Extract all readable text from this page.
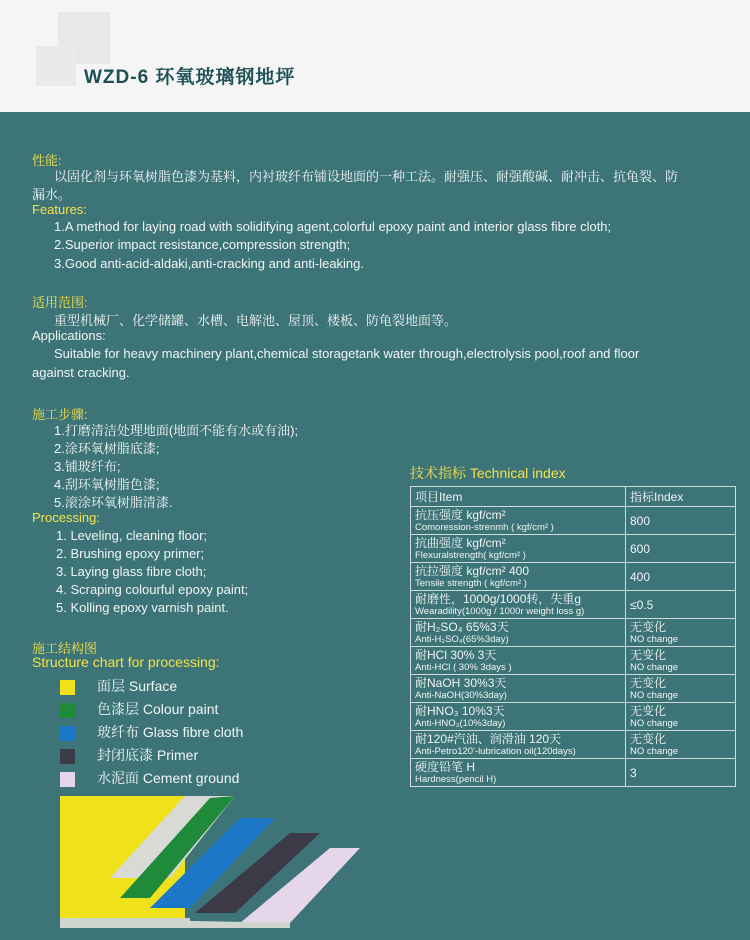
WZD-6 环氧玻璃钢地坪
性能:
以固化剂与环氧树脂色漆为基料，内衬玻纤布铺设地面的一种工法。耐强压、耐强酸碱、耐冲击、抗龟裂、防
漏水。
Features:
1.A method for laying road with solidifying agent,colorful epoxy paint and interior glass fibre cloth;
2.Superior impact resistance,compression strength;
3.Good anti-acid-aldaki,anti-cracking and anti-leaking.
适用范围:
重型机械厂、化学储罐、水槽、电解池、屋顶、楼板、防龟裂地面等。
Applications:
Suitable for heavy machinery plant,chemical storagetank water through,electrolysis pool,roof and floor
against cracking.
施工步骤:
1.打磨清洁处理地面(地面不能有水或有油);
2.涂环氧树脂底漆;
3.铺玻纤布;
4.刮环氧树脂色漆;
5.滚涂环氧树脂清漆.
Processing:
1. Leveling, cleaning floor;
2. Brushing epoxy primer;
3. Laying glass fibre cloth;
4. Scraping colourful epoxy paint;
5. Kolling epoxy varnish paint.
施工结构图
Structure chart for processing:
面层 Surface
色漆层 Colour paint
玻纤布 Glass fibre cloth
封闭底漆 Primer
水泥面 Cement ground
技术指标 Technical index
项目Item	指标Index

抗压强度 kgf/cm²
Comoression-strenmh ( kgf/cm² )	800

抗曲强度 kgf/cm²
Flexuralstrength( kgf/cm² )	600

抗拉强度 kgf/cm² 400
Tensile strength ( kgf/cm² )	400

耐磨性，1000g/1000转，失重g
Wearadility(1000g / 1000r weight loss g)	≤0.5

耐H₂SO₄ 65%3天
Anti-H₂SO₄(65%3day)	无变化
NO change

耐HCl 30% 3天
Anti-HCl ( 30% 3days )	无变化
NO change

耐NaOH 30%3天
Anti-NaOH(30%3day)	无变化
NO change

耐HNO₃ 10%3天
Anti-HNO₃(10%3day)	无变化
NO change

耐120#汽油、润滑油 120天
Anti-Petro120'-lubrication oil(120days)	无变化
NO change

硬度铅笔 H
Hardness(pencil H)	3
